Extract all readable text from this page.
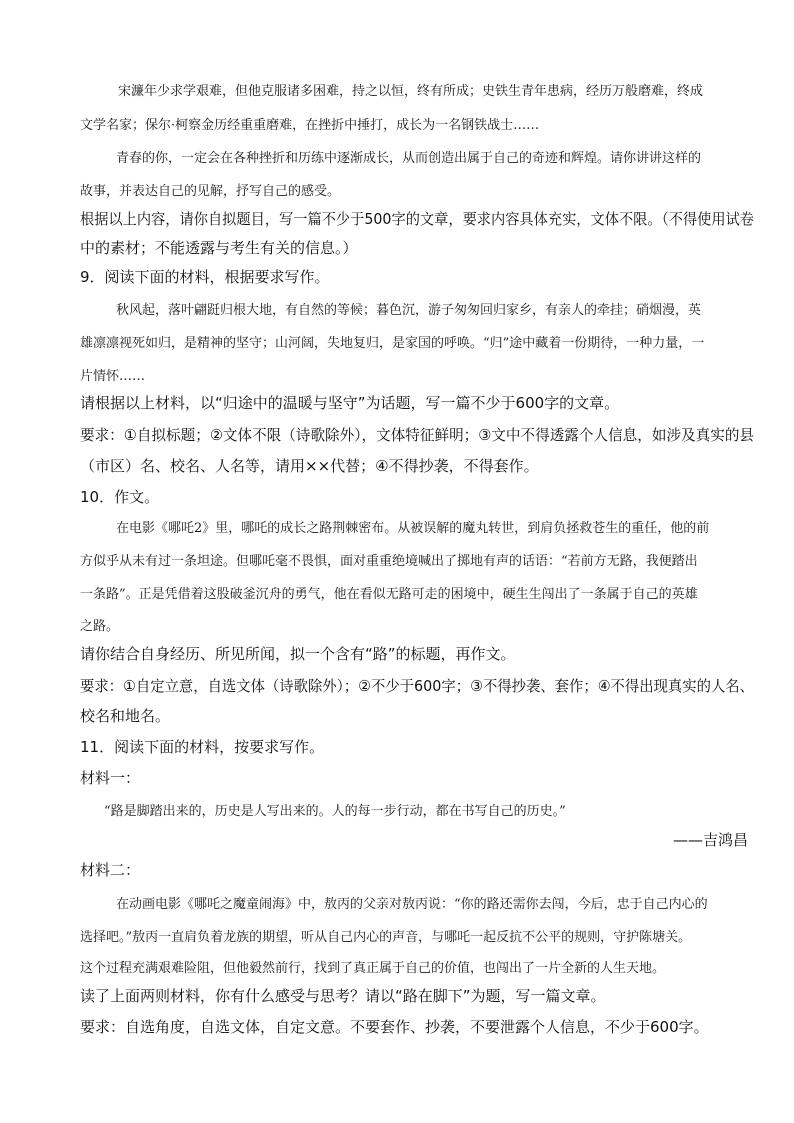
宋濂年少求学艰难，但他克服诸多困难，持之以恒，终有所成；史铁生青年患病，经历万般磨难，终成
文学名家；保尔·柯察金历经重重磨难，在挫折中捶打，成长为一名钢铁战士……
青春的你，一定会在各种挫折和历练中逐渐成长，从而创造出属于自己的奇迹和辉煌。请你讲讲这样的
故事，并表达自己的见解，抒写自己的感受。
根据以上内容，请你自拟题目，写一篇不少于500字的文章，要求内容具体充实，文体不限。（不得使用试卷
中的素材；不能透露与考生有关的信息。）
9．阅读下面的材料，根据要求写作。
秋风起，落叶翩跹归根大地，有自然的等候；暮色沉，游子匆匆回归家乡，有亲人的牵挂；硝烟漫，英
雄凛凛视死如归，是精神的坚守；山河阔，失地复归，是家国的呼唤。“归”途中藏着一份期待，一种力量，一
片情怀……
请根据以上材料，以“归途中的温暖与坚守”为话题，写一篇不少于600字的文章。
要求：①自拟标题；②文体不限（诗歌除外），文体特征鲜明；③文中不得透露个人信息，如涉及真实的县
（市区）名、校名、人名等，请用××代替；④不得抄袭，不得套作。
10．作文。
在电影《哪吒2》里，哪吒的成长之路荆棘密布。从被误解的魔丸转世，到肩负拯救苍生的重任，他的前
方似乎从未有过一条坦途。但哪吒毫不畏惧，面对重重绝境喊出了掷地有声的话语：“若前方无路，我便踏出
一条路”。正是凭借着这股破釜沉舟的勇气，他在看似无路可走的困境中，硬生生闯出了一条属于自己的英雄
之路。
请你结合自身经历、所见所闻，拟一个含有“路”的标题，再作文。
要求：①自定立意，自选文体（诗歌除外）；②不少于600字；③不得抄袭、套作；④不得出现真实的人名、
校名和地名。
11．阅读下面的材料，按要求写作。
材料一：
“路是脚踏出来的，历史是人写出来的。人的每一步行动，都在书写自己的历史。”
——吉鸿昌
材料二：
在动画电影《哪吒之魔童闹海》中，敖丙的父亲对敖丙说：“你的路还需你去闯，今后，忠于自己内心的
选择吧。”敖丙一直肩负着龙族的期望，听从自己内心的声音，与哪吒一起反抗不公平的规则，守护陈塘关。
这个过程充满艰难险阻，但他毅然前行，找到了真正属于自己的价值，也闯出了一片全新的人生天地。
读了上面两则材料，你有什么感受与思考？请以“路在脚下”为题，写一篇文章。
要求：自选角度，自选文体，自定文意。不要套作、抄袭，不要泄露个人信息，不少于600字。
